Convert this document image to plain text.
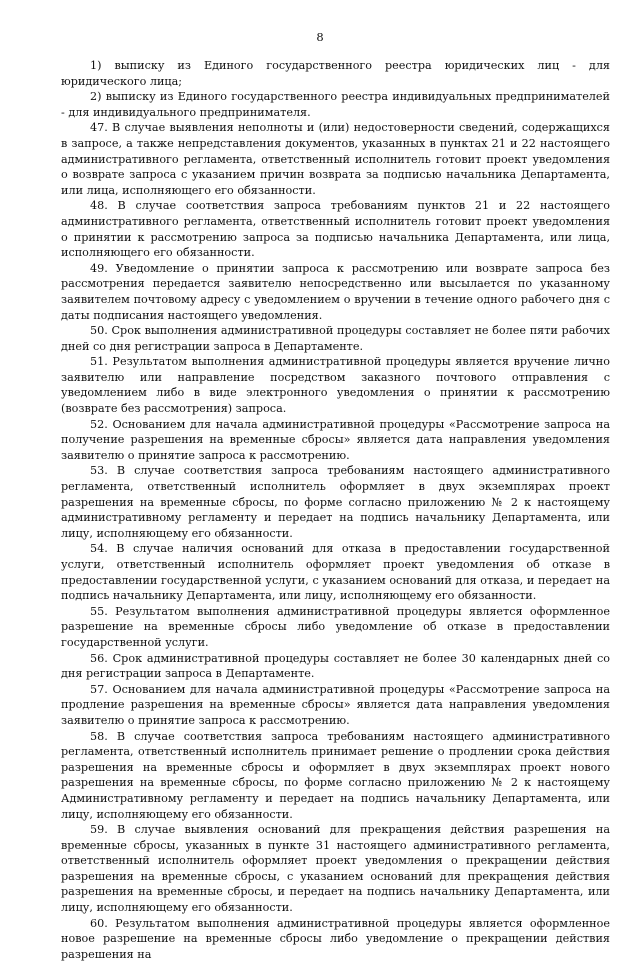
8

1) выписку из Единого государственного реестра юридических лиц - для юридического лица;

2) выписку из Единого государственного реестра индивидуальных предпринимателей - для индивидуального предпринимателя.

47. В случае выявления неполноты и (или) недостоверности сведений, содержащихся в запросе, а также непредставления документов, указанных в пунктах 21 и 22 настоящего административного регламента, ответственный исполнитель готовит проект уведомления о возврате запроса с указанием причин возврата за подписью начальника Департамента, или лица, исполняющего его обязанности.

48. В случае соответствия запроса требованиям пунктов 21 и 22 настоящего административного регламента, ответственный исполнитель готовит проект уведомления о принятии к рассмотрению запроса за подписью начальника Департамента, или лица, исполняющего его обязанности.

49. Уведомление о принятии запроса к рассмотрению или возврате запроса без рассмотрения передается заявителю непосредственно или высылается по указанному заявителем почтовому адресу с уведомлением о вручении в течение одного рабочего дня с даты подписания настоящего уведомления.

50. Срок выполнения административной процедуры составляет не более пяти рабочих дней со дня регистрации запроса в Департаменте.

51. Результатом выполнения административной процедуры является вручение лично заявителю или направление посредством заказного почтового отправления с уведомлением либо в виде электронного уведомления о принятии к рассмотрению (возврате без рассмотрения) запроса.

52. Основанием для начала административной процедуры «Рассмотрение запроса на получение разрешения на временные сбросы» является дата направления уведомления заявителю о принятие запроса к рассмотрению.

53. В случае соответствия запроса требованиям настоящего административного регламента, ответственный исполнитель оформляет в двух экземплярах проект разрешения на временные сбросы, по форме согласно приложению № 2 к настоящему административному регламенту и передает на подпись начальнику Департамента, или лицу, исполняющему его обязанности.

54. В случае наличия оснований для отказа в предоставлении государственной услуги, ответственный исполнитель оформляет проект уведомления об отказе в предоставлении государственной услуги, с указанием оснований для отказа, и передает на подпись начальнику Департамента, или лицу, исполняющему его обязанности.

55. Результатом выполнения административной процедуры является оформленное разрешение на временные сбросы либо уведомление об отказе в предоставлении государственной услуги.

56. Срок административной процедуры составляет не более 30 календарных дней со дня регистрации запроса в Департаменте.

57. Основанием для начала административной процедуры «Рассмотрение запроса на продление разрешения на временные сбросы» является дата направления уведомления заявителю о принятие запроса к рассмотрению.

58. В случае соответствия запроса требованиям настоящего административного регламента, ответственный исполнитель принимает решение о продлении срока действия разрешения на временные сбросы и оформляет в двух экземплярах проект нового разрешения на временные сбросы, по форме согласно приложению № 2 к настоящему Административному регламенту и передает на подпись начальнику Департамента, или лицу, исполняющему его обязанности.

59. В случае выявления оснований для прекращения действия разрешения на временные сбросы, указанных в пункте 31 настоящего административного регламента, ответственный исполнитель оформляет проект уведомления о прекращении действия разрешения на временные сбросы, с указанием оснований для прекращения действия разрешения на временные сбросы, и передает на подпись начальнику Департамента, или лицу, исполняющему его обязанности.

60. Результатом выполнения административной процедуры является оформленное новое разрешение на временные сбросы либо уведомление о прекращении действия разрешения на
